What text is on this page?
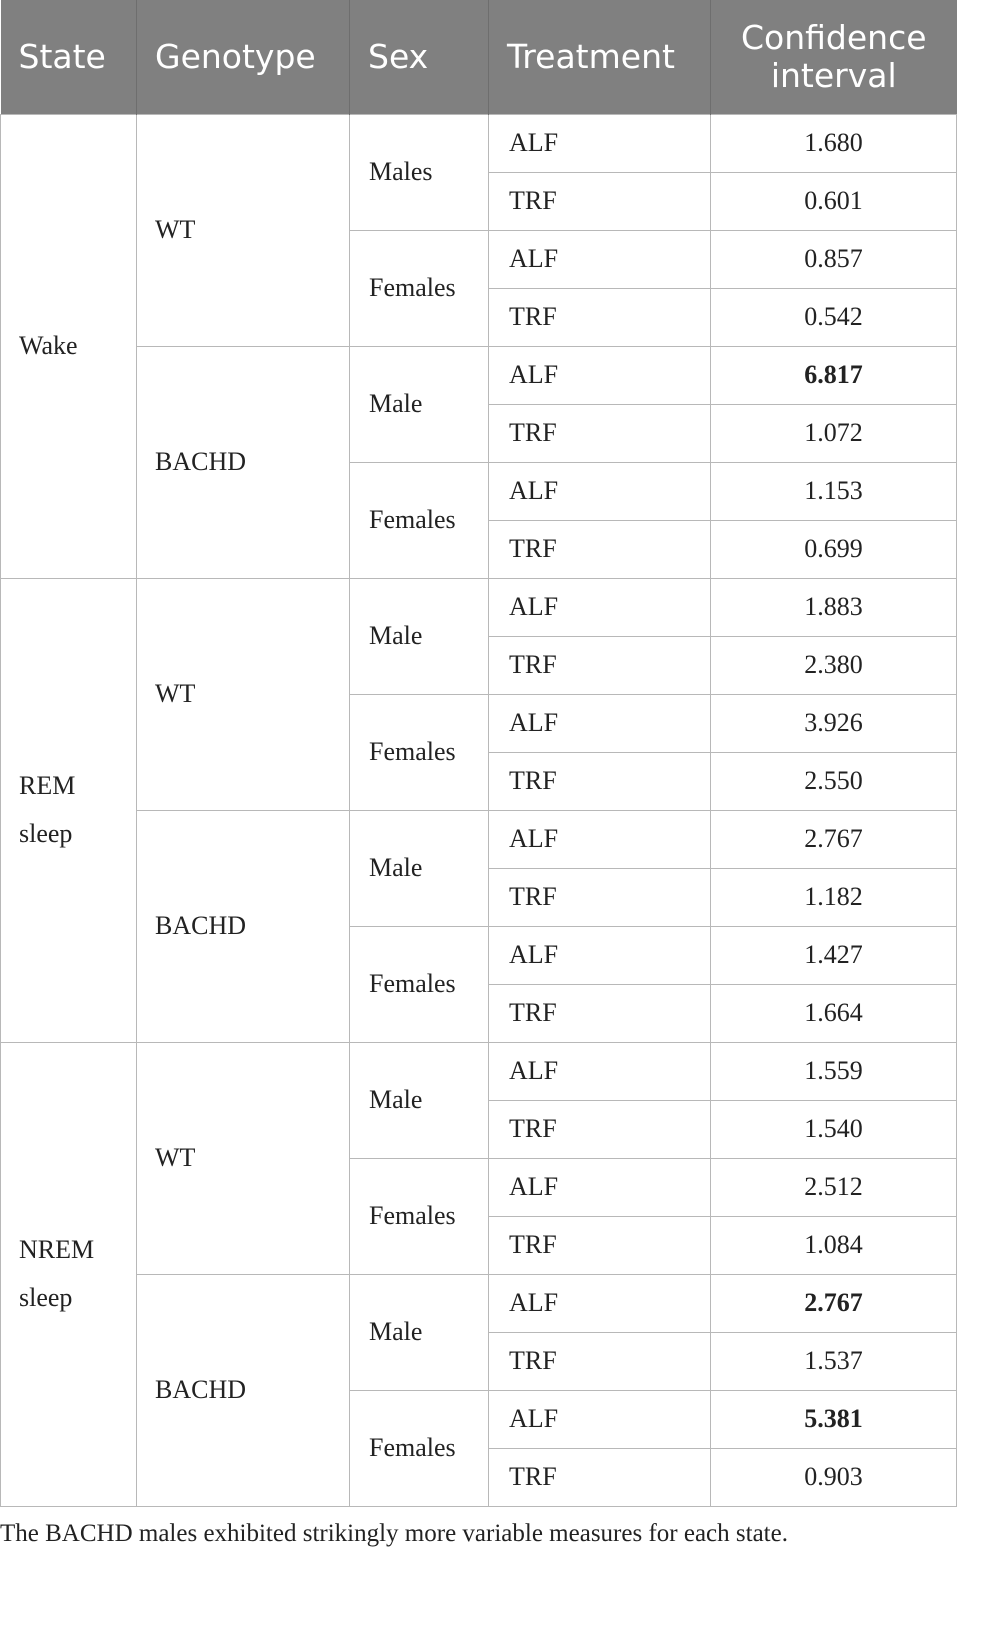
State	Genotype	Sex	Treatment	Confidence interval

Wake	WT	Males	ALF	1.680
			TRF	0.601
		Females	ALF	0.857
			TRF	0.542
	BACHD	Male	ALF	6.817
			TRF	1.072
		Females	ALF	1.153
			TRF	0.699

REM
sleep	WT	Male	ALF	1.883
			TRF	2.380
		Females	ALF	3.926
			TRF	2.550
	BACHD	Male	ALF	2.767
			TRF	1.182
		Females	ALF	1.427
			TRF	1.664

NREM
sleep	WT	Male	ALF	1.559
			TRF	1.540
		Females	ALF	2.512
			TRF	1.084
	BACHD	Male	ALF	2.767
			TRF	1.537
		Females	ALF	5.381
			TRF	0.903
The BACHD males exhibited strikingly more variable measures for each state.
